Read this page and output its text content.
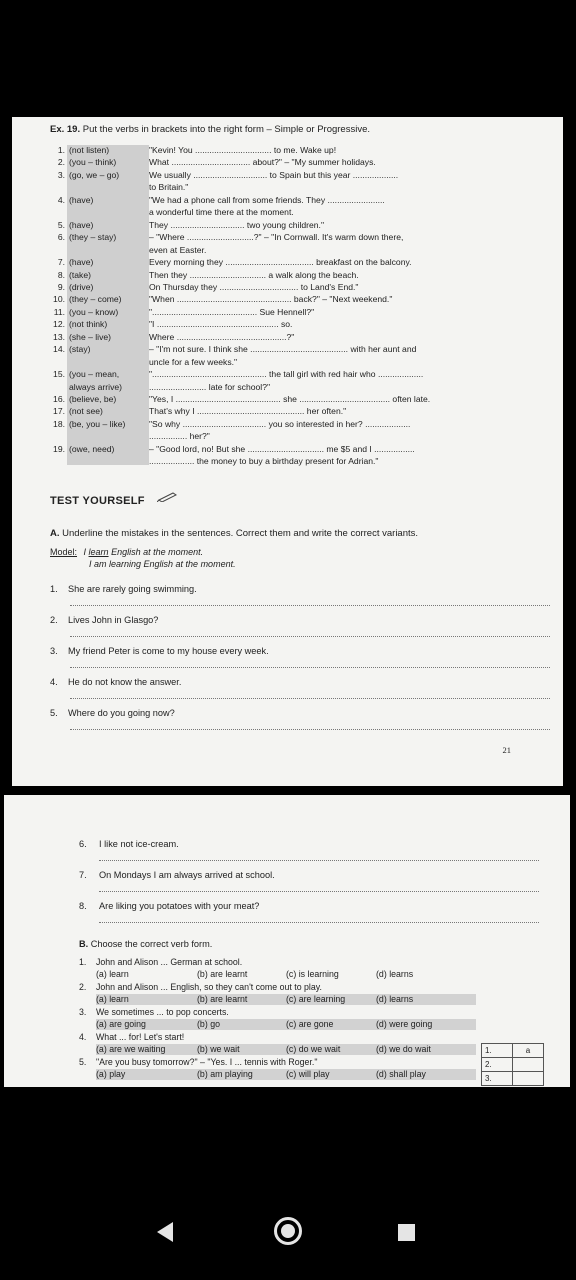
Ex. 19. Put the verbs in brackets into the right form – Simple or Progressive.
1. (not listen)	"Kevin! You ................................ to me. Wake up!
2. (you – think)	What ................................. about?" – "My summer holidays.
3. (go, we – go)	We usually ............................... to Spain but this year ...................
to Britain."
4. (have)	"We had a phone call from some friends. They ........................
a wonderful time there at the moment.
5. (have)	They ............................... two young children."
6. (they – stay)	– "Where ............................?" – "In Cornwall. It's warm down there,
even at Easter.
7. (have)	Every morning they ..................................... breakfast on the balcony.
8. (take)	Then they ................................ a walk along the beach.
9. (drive)	On Thursday they ................................. to Land's End."
10. (they – come)	"When ................................................ back?" – "Next weekend."
11. (you – know)	"............................................ Sue Hennell?"
12. (not think)	"I ................................................... so.
13. (she – live)	Where ..............................................?"
14. (stay)	– "I'm not sure. I think she ......................................... with her aunt and
uncle for a few weeks."
15. (you – mean,	"................................................ the tall girl with red hair who ...................
always arrive)	........................ late for school?"
16. (believe, be)	"Yes, I ............................................ she ...................................... often late.
17. (not see)	That's why I ............................................. her often."
18. (be, you – like)	"So why ................................... you so interested in her? ...................
................ her?"
19. (owe, need)	– "Good lord, no! But she ................................ me $5 and I .................
................... the money to buy a birthday present for Adrian."
TEST YOURSELF
A. Underline the mistakes in the sentences. Correct them and write the correct variants.
Model: I learn English at the moment.
I am learning English at the moment.
1. She are rarely going swimming.
2. Lives John in Glasgo?
3. My friend Peter is come to my house every week.
4. He do not know the answer.
5. Where do you going now?
21
6. I like not ice-cream.
7. On Mondays I am always arrived at school.
8. Are liking you potatoes with your meat?
B. Choose the correct verb form.
1. John and Alison ... German at school.
(a) learn	(b) are learnt	(c) is learning	(d) learns
2. John and Alison ... English, so they can't come out to play.
(a) learn	(b) are learnt	(c) are learning	(d) learns
3. We sometimes ... to pop concerts.
(a) are going	(b) go	(c) are gone	(d) were going
4. What ... for! Let's start!
(a) are we waiting	(b) we wait	(c) do we wait	(d) we do wait
5. "Are you busy tomorrow?" – "Yes. I ... tennis with Roger."
(a) play	(b) am playing	(c) will play	(d) shall play
1.	a
2.	
3.	
